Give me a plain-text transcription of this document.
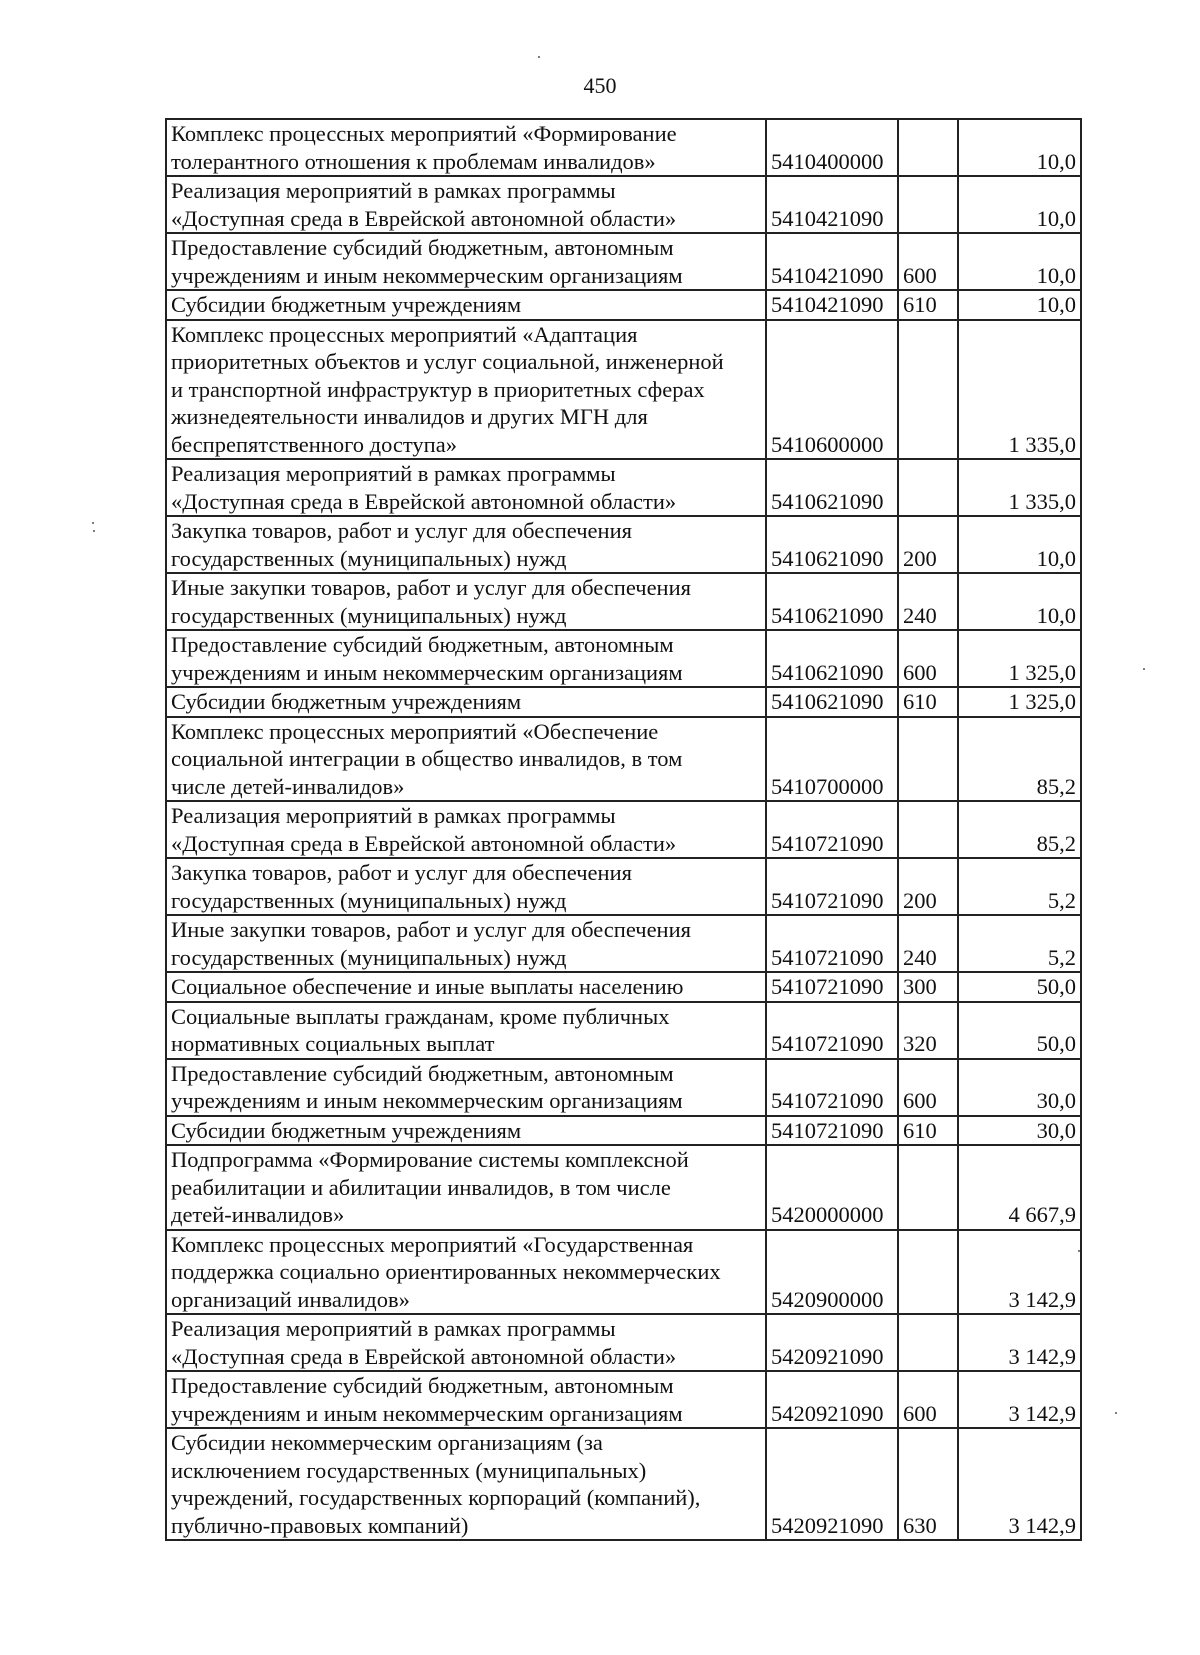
450
Комплекс процессных мероприятий «Формирование
толерантного отношения к проблемам инвалидов»	5410400000		10,0
Реализация мероприятий в рамках программы
«Доступная среда в Еврейской автономной области»	5410421090		10,0
Предоставление субсидий бюджетным, автономным
учреждениям и иным некоммерческим организациям	5410421090	600	10,0
Субсидии бюджетным учреждениям	5410421090	610	10,0
Комплекс процессных мероприятий «Адаптация
приоритетных объектов и услуг социальной, инженерной
и транспортной инфраструктур в приоритетных сферах
жизнедеятельности инвалидов и других МГН для
беспрепятственного доступа»	5410600000		1 335,0
Реализация мероприятий в рамках программы
«Доступная среда в Еврейской автономной области»	5410621090		1 335,0
Закупка товаров, работ и услуг для обеспечения
государственных (муниципальных) нужд	5410621090	200	10,0
Иные закупки товаров, работ и услуг для обеспечения
государственных (муниципальных) нужд	5410621090	240	10,0
Предоставление субсидий бюджетным, автономным
учреждениям и иным некоммерческим организациям	5410621090	600	1 325,0
Субсидии бюджетным учреждениям	5410621090	610	1 325,0
Комплекс процессных мероприятий «Обеспечение
социальной интеграции в общество инвалидов, в том
числе детей-инвалидов»	5410700000		85,2
Реализация мероприятий в рамках программы
«Доступная среда в Еврейской автономной области»	5410721090		85,2
Закупка товаров, работ и услуг для обеспечения
государственных (муниципальных) нужд	5410721090	200	5,2
Иные закупки товаров, работ и услуг для обеспечения
государственных (муниципальных) нужд	5410721090	240	5,2
Социальное обеспечение и иные выплаты населению	5410721090	300	50,0
Социальные выплаты гражданам, кроме публичных
нормативных социальных выплат	5410721090	320	50,0
Предоставление субсидий бюджетным, автономным
учреждениям и иным некоммерческим организациям	5410721090	600	30,0
Субсидии бюджетным учреждениям	5410721090	610	30,0
Подпрограмма «Формирование системы комплексной
реабилитации и абилитации инвалидов, в том числе
детей-инвалидов»	5420000000		4 667,9
Комплекс процессных мероприятий «Государственная
поддержка социально ориентированных некоммерческих
организаций инвалидов»	5420900000		3 142,9
Реализация мероприятий в рамках программы
«Доступная среда в Еврейской автономной области»	5420921090		3 142,9
Предоставление субсидий бюджетным, автономным
учреждениям и иным некоммерческим организациям	5420921090	600	3 142,9
Субсидии некоммерческим организациям (за
исключением государственных (муниципальных)
учреждений, государственных корпораций (компаний),
публично-правовых компаний)	5420921090	630	3 142,9
